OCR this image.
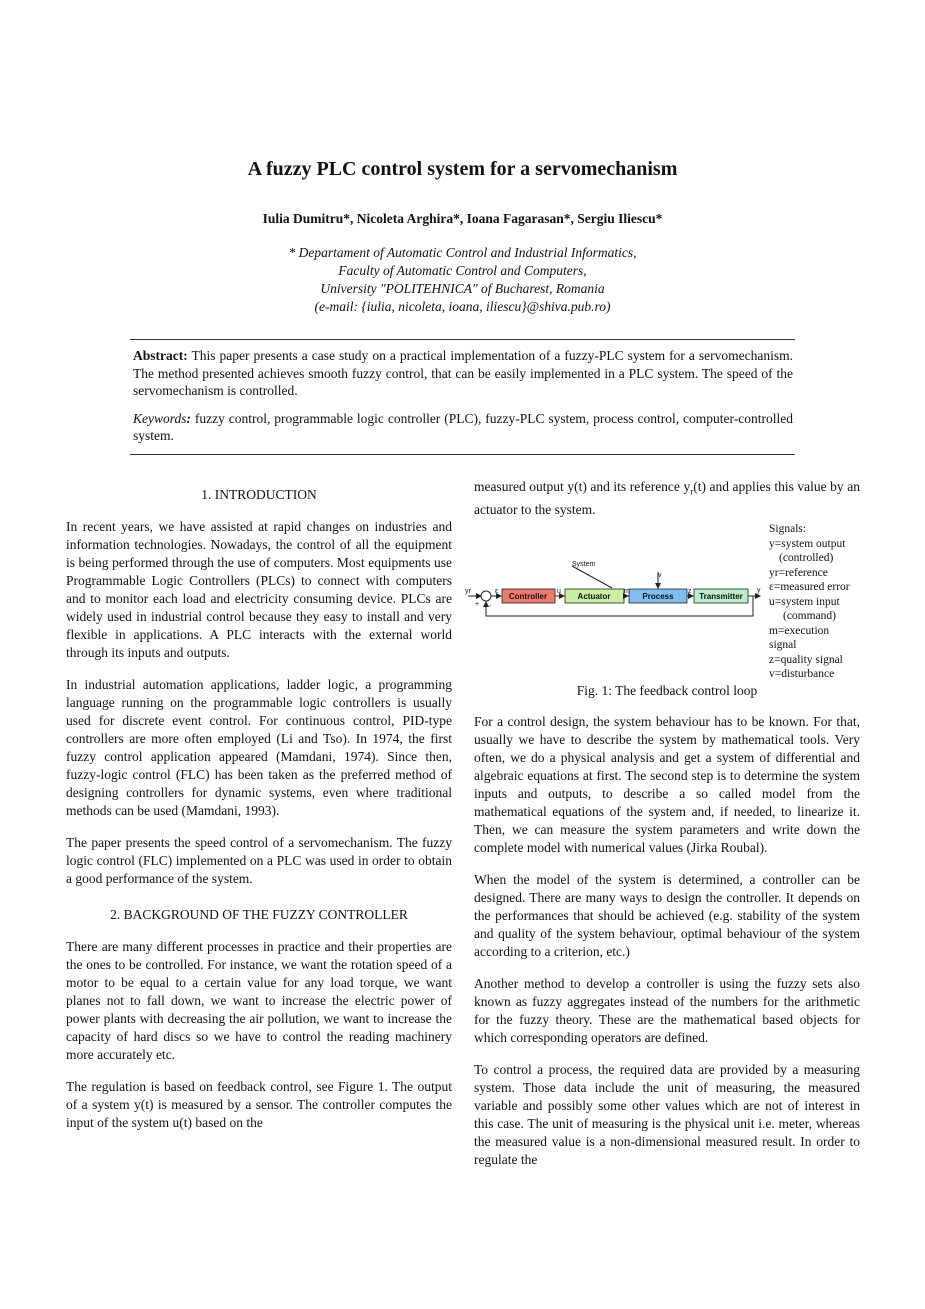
A fuzzy PLC control system for a servomechanism
Iulia Dumitru*, Nicoleta Arghira*, Ioana Fagarasan*, Sergiu Iliescu*
* Departament of Automatic Control and Industrial Informatics,
Faculty of Automatic Control and Computers,
University "POLITEHNICA" of Bucharest, Romania
(e-mail: {iulia, nicoleta, ioana, iliescu}@shiva.pub.ro)

Abstract: This paper presents a case study on a practical implementation of a fuzzy-PLC system for a servomechanism. The method presented achieves smooth fuzzy control, that can be easily implemented in a PLC system. The speed of the servomechanism is controlled.

Keywords: fuzzy control, programmable logic controller (PLC), fuzzy-PLC system, process control, computer-controlled system.

1. INTRODUCTION

In recent years, we have assisted at rapid changes on industries and information technologies. Nowadays, the control of all the equipment is being performed through the use of computers. Most equipments use Programmable Logic Controllers (PLCs) to connect with computers and to monitor each load and electricity consuming device. PLCs are widely used in industrial control because they easy to install and very flexible in applications. A PLC interacts with the external world through its inputs and outputs.

In industrial automation applications, ladder logic, a programming language running on the programmable logic controllers is usually used for discrete event control. For continuous control, PID-type controllers are more often employed (Li and Tso). In 1974, the first fuzzy control application appeared (Mamdani, 1974). Since then, fuzzy-logic control (FLC) has been taken as the preferred method of designing controllers for dynamic systems, even where traditional methods can be used (Mamdani, 1993).

The paper presents the speed control of a servomechanism. The fuzzy logic control (FLC) implemented on a PLC was used in order to obtain a good performance of the system.

2. BACKGROUND OF THE FUZZY CONTROLLER

There are many different processes in practice and their properties are the ones to be controlled. For instance, we want the rotation speed of a motor to be equal to a certain value for any load torque, we want planes not to fall down, we want to increase the electric power of power plants with decreasing the air pollution, we want to increase the capacity of hard discs so we have to control the reading machinery more accurately etc.

The regulation is based on feedback control, see Figure 1. The output of a system y(t) is measured by a sensor. The controller computes the input of the system u(t) based on the

measured output y(t) and its reference $y_r(t)$ and applies this value by an actuator to the system.

System
v
yr	y
+ -
ε	u	m	z
Controller	Actuator	Process	Transmitter
Signals:
y=system output
(controlled)
yr=reference
ε=measured error
u=system input
(command)
m=execution
signal
z=quality signal
v=disturbance
Fig. 1: The feedback control loop

For a control design, the system behaviour has to be known. For that, usually we have to describe the system by mathematical tools. Very often, we do a physical analysis and get a system of differential and algebraic equations at first. The second step is to determine the system inputs and outputs, to describe a so called model from the mathematical equations of the system and, if needed, to linearize it. Then, we can measure the system parameters and write down the complete model with numerical values (Jirka Roubal).

When the model of the system is determined, a controller can be designed. There are many ways to design the controller. It depends on the performances that should be achieved (e.g. stability of the system and quality of the system behaviour, optimal behaviour of the system according to a criterion, etc.)

Another method to develop a controller is using the fuzzy sets also known as fuzzy aggregates instead of the numbers for the arithmetic for the fuzzy theory. These are the mathematical based objects for which corresponding operators are defined.

To control a process, the required data are provided by a measuring system. Those data include the unit of measuring, the measured variable and possibly some other values which are not of interest in this case. The unit of measuring is the physical unit i.e. meter, whereas the measured value is a non-dimensional measured result. In order to regulate the
